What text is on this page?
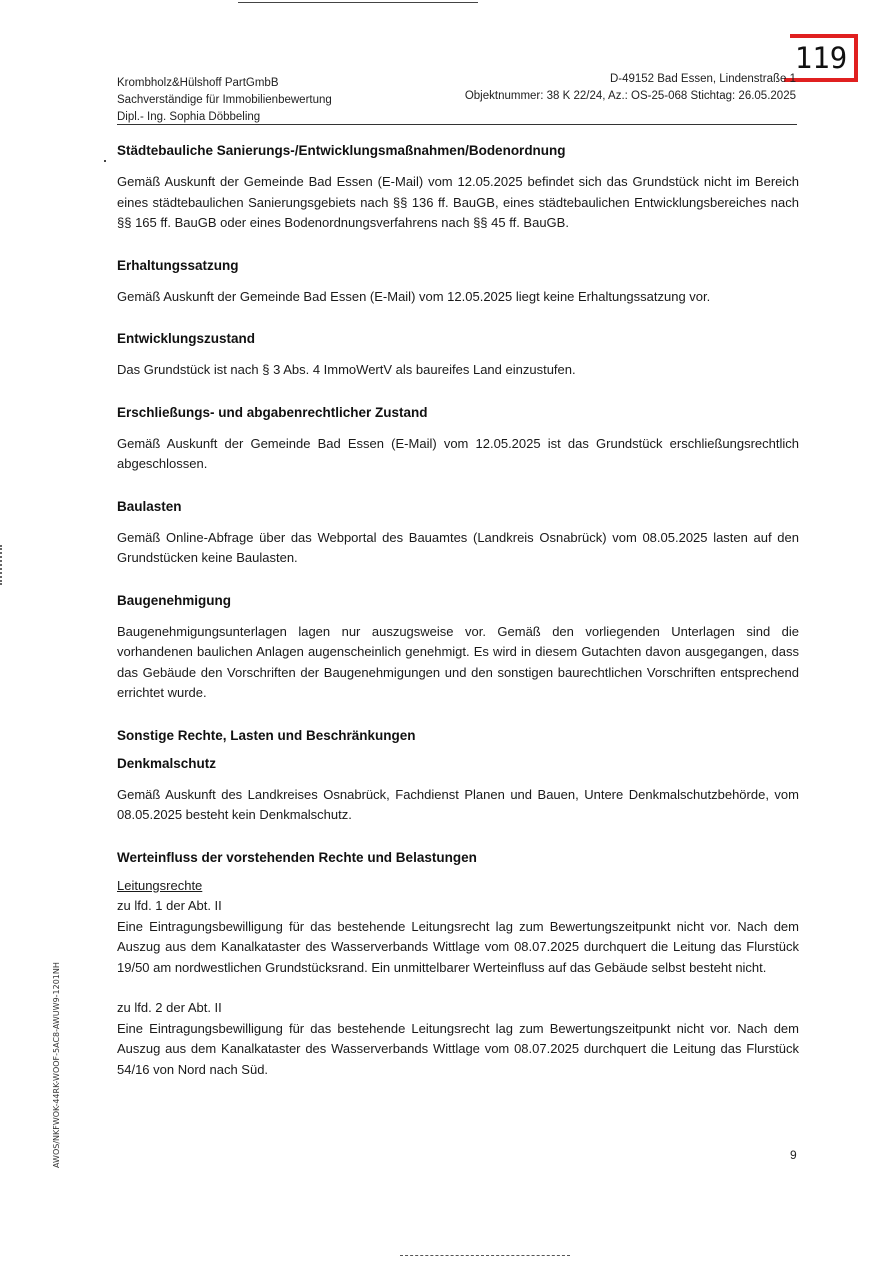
119
Krombholz&Hülshoff PartGmbB
Sachverständige für Immobilienbewertung
Dipl.- Ing. Sophia Döbbeling
D-49152 Bad Essen, Lindenstraße 1
Objektnummer: 38 K 22/24, Az.: OS-25-068 Stichtag: 26.05.2025
Städtebauliche Sanierungs-/Entwicklungsmaßnahmen/Bodenordnung

Gemäß Auskunft der Gemeinde Bad Essen (E-Mail) vom 12.05.2025 befindet sich das Grundstück nicht im Bereich eines städtebaulichen Sanierungsgebiets nach §§ 136 ff. BauGB, eines städtebaulichen Entwicklungsbereiches nach §§ 165 ff. BauGB oder eines Bodenordnungsverfahrens nach §§ 45 ff. BauGB.

Erhaltungssatzung

Gemäß Auskunft der Gemeinde Bad Essen (E-Mail) vom 12.05.2025 liegt keine Erhaltungssatzung vor.

Entwicklungszustand

Das Grundstück ist nach § 3 Abs. 4 ImmoWertV als baureifes Land einzustufen.

Erschließungs- und abgabenrechtlicher Zustand

Gemäß Auskunft der Gemeinde Bad Essen (E-Mail) vom 12.05.2025 ist das Grundstück erschließungsrechtlich abgeschlossen.

Baulasten

Gemäß Online-Abfrage über das Webportal des Bauamtes (Landkreis Osnabrück) vom 08.05.2025 lasten auf den Grundstücken keine Baulasten.

Baugenehmigung

Baugenehmigungsunterlagen lagen nur auszugsweise vor. Gemäß den vorliegenden Unterlagen sind die vorhandenen baulichen Anlagen augenscheinlich genehmigt. Es wird in diesem Gutachten davon ausgegangen, dass das Gebäude den Vorschriften der Baugenehmigungen und den sonstigen baurechtlichen Vorschriften entsprechend errichtet wurde.

Sonstige Rechte, Lasten und Beschränkungen
Denkmalschutz

Gemäß Auskunft des Landkreises Osnabrück, Fachdienst Planen und Bauen, Untere Denkmalschutzbehörde, vom 08.05.2025 besteht kein Denkmalschutz.

Werteinfluss der vorstehenden Rechte und Belastungen

Leitungsrechte

zu lfd. 1 der Abt. II

Eine Eintragungsbewilligung für das bestehende Leitungsrecht lag zum Bewertungszeitpunkt nicht vor. Nach dem Auszug aus dem Kanalkataster des Wasserverbands Wittlage vom 08.07.2025 durchquert die Leitung das Flurstück 19/50 am nordwestlichen Grundstücksrand. Ein unmittelbarer Werteinfluss auf das Gebäude selbst besteht nicht.

zu lfd. 2 der Abt. II

Eine Eintragungsbewilligung für das bestehende Leitungsrecht lag zum Bewertungszeitpunkt nicht vor. Nach dem Auszug aus dem Kanalkataster des Wasserverbands Wittlage vom 08.07.2025 durchquert die Leitung das Flurstück 54/16 von Nord nach Süd.

AWOS/NKFWOK-44RK-WOOF-5AC8-AWUW9-1201NH	9
